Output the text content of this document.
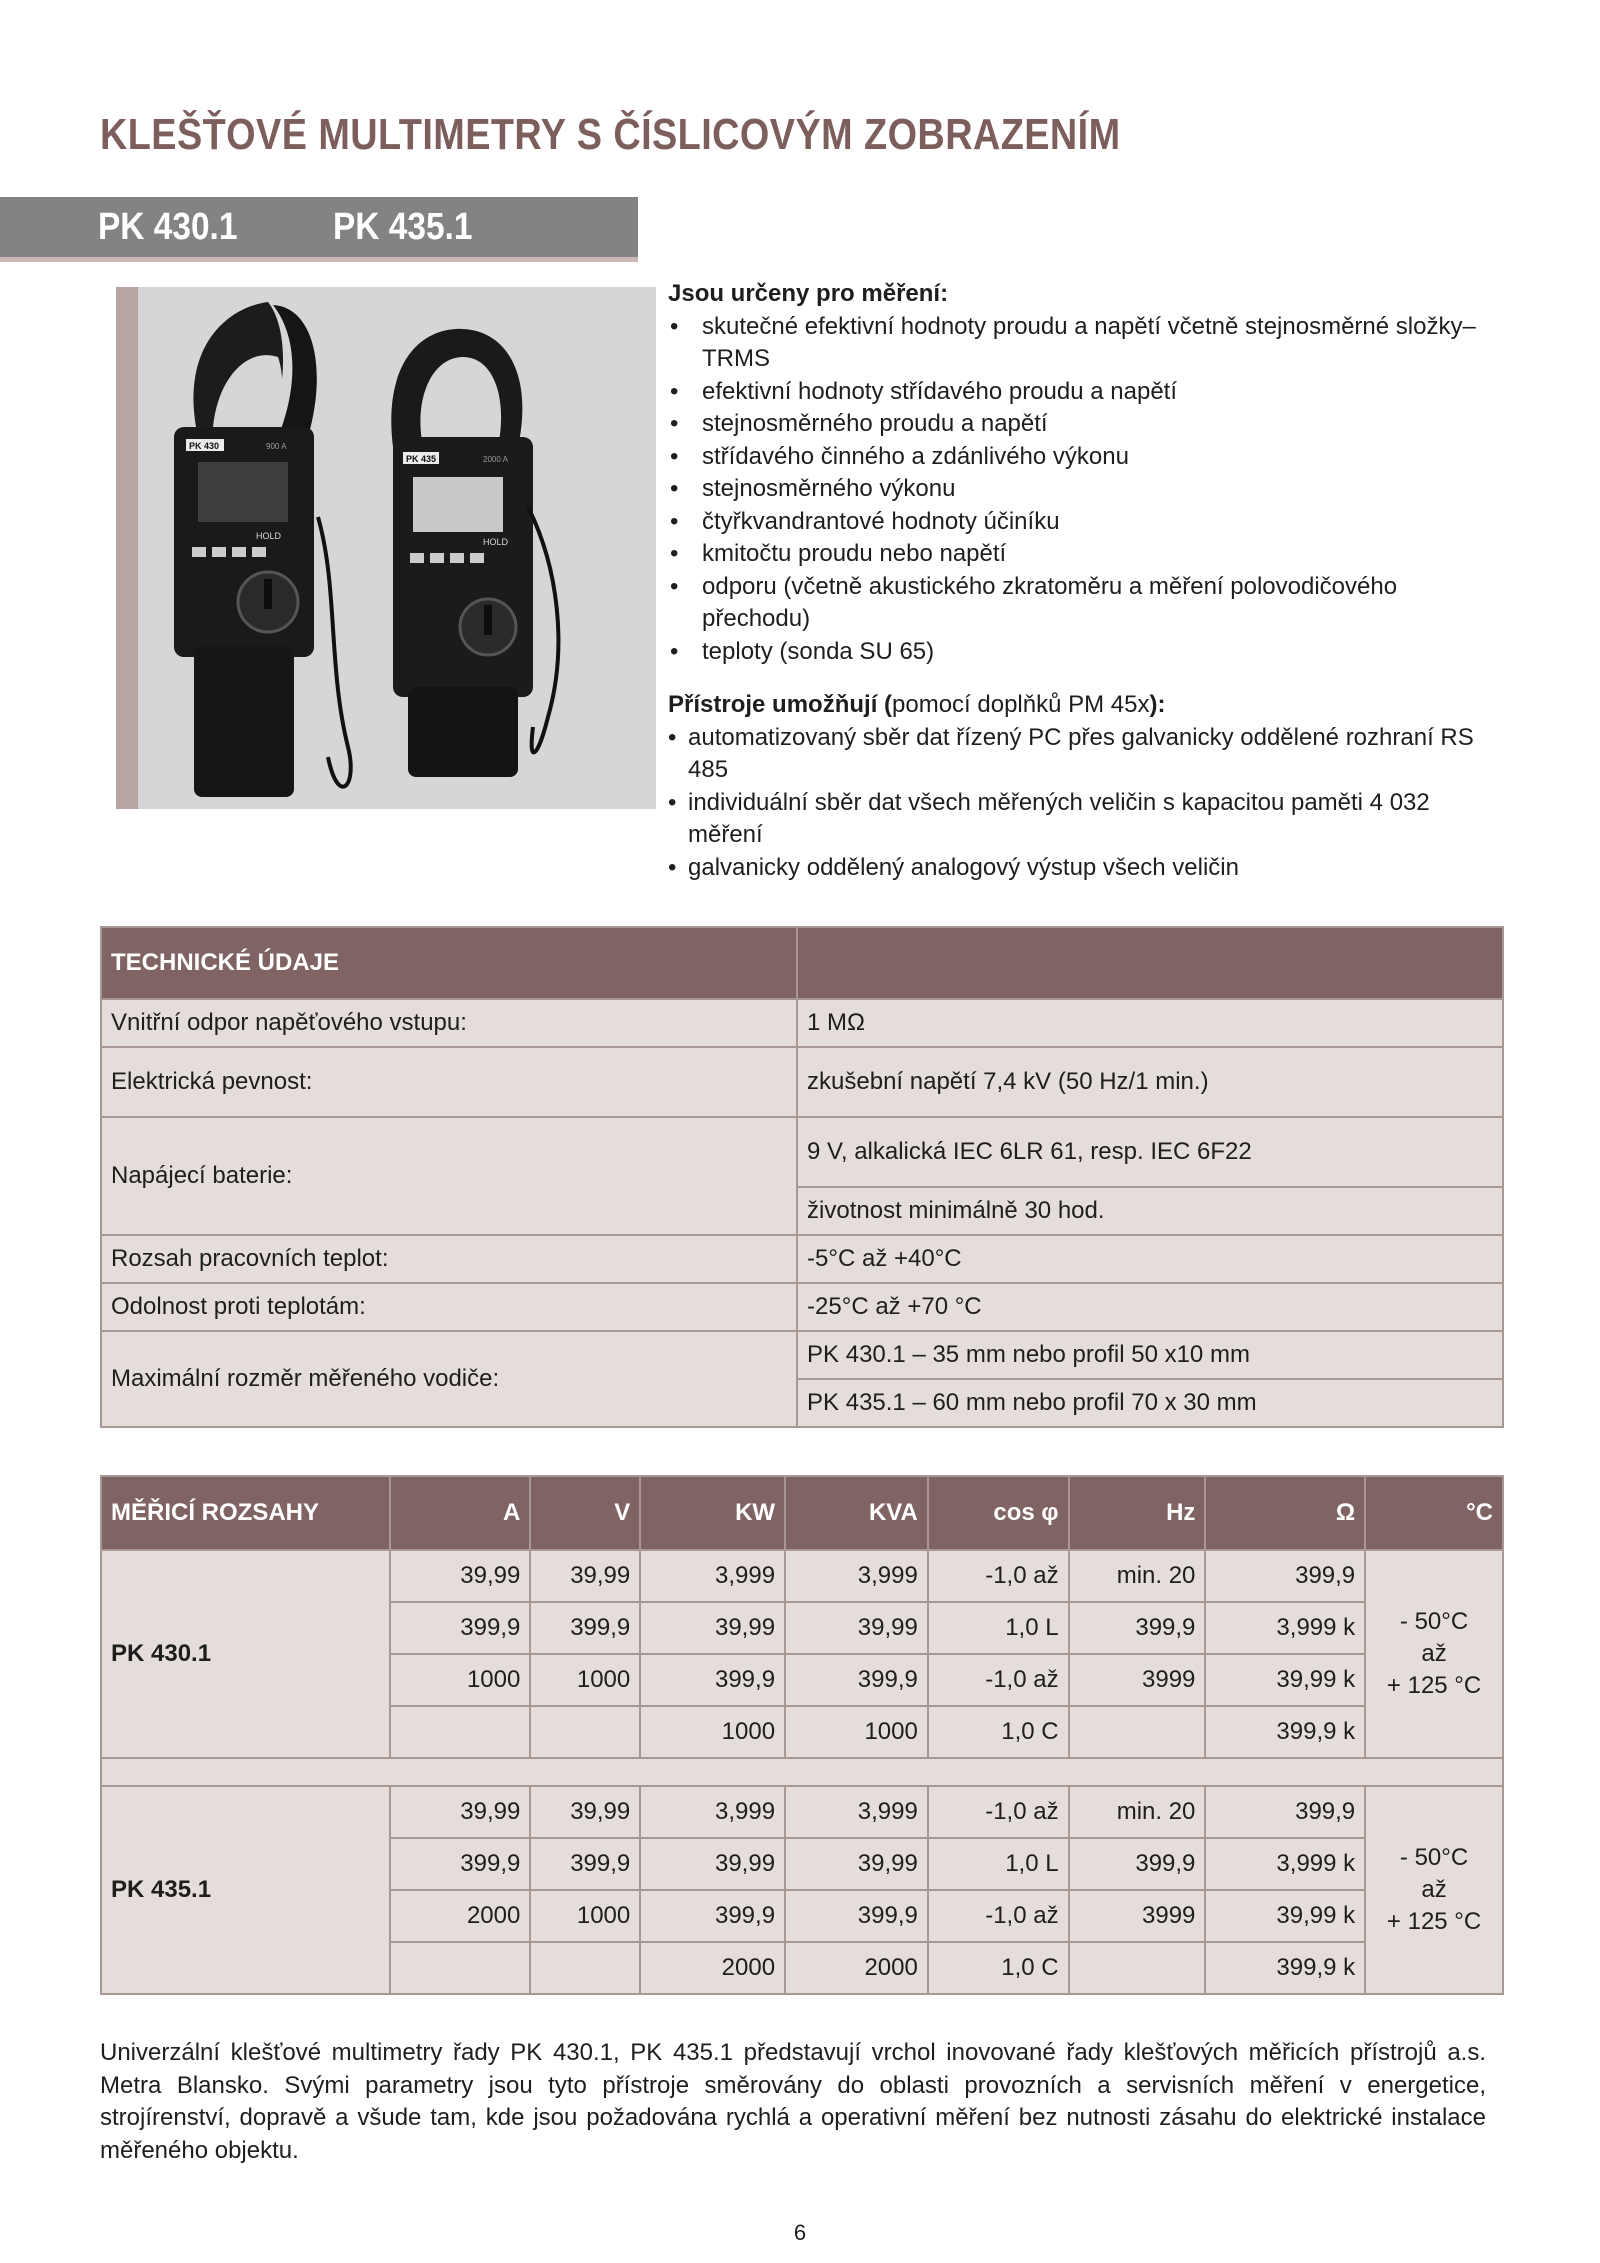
KLEŠŤOVÉ MULTIMETRY S ČÍSLICOVÝM ZOBRAZENÍM
PK 430.1	PK 435.1
PK 430	900 A
HOLD
PK 435	2000 A
HOLD
Jsou určeny pro měření:
• skutečné efektivní hodnoty proudu a napětí včetně stejnosměrné složky–TRMS
• efektivní hodnoty střídavého proudu a napětí
• stejnosměrného proudu a napětí
• střídavého činného a zdánlivého výkonu
• stejnosměrného výkonu
• čtyřkvandrantové hodnoty účiníku
• kmitočtu proudu nebo napětí
• odporu (včetně akustického zkratoměru a měření polovodičového přechodu)
• teploty (sonda SU 65)
Přístroje umožňují (pomocí doplňků PM 45x):
• automatizovaný sběr dat řízený PC přes galvanicky oddělené rozhraní RS 485
• individuální sběr dat všech měřených veličin s kapacitou paměti 4 032 měření
• galvanicky oddělený analogový výstup všech veličin
TECHNICKÉ ÚDAJE	
Vnitřní odpor napěťového vstupu:	1 MΩ
Elektrická pevnost:	zkušební napětí 7,4 kV (50 Hz/1 min.)
Napájecí baterie:	9 V, alkalická IEC 6LR 61, resp. IEC 6F22
	životnost minimálně 30 hod.
Rozsah pracovních teplot:	-5°C až +40°C
Odolnost proti teplotám:	-25°C až +70 °C
Maximální rozměr měřeného vodiče:	PK 430.1 – 35 mm nebo profil 50 x10 mm
	PK 435.1 – 60 mm nebo profil 70 x 30 mm
MĚŘICÍ ROZSAHY	A	V	KW	KVA	cos φ	Hz	Ω	°C
PK 430.1	39,99	39,99	3,999	3,999	-1,0 až	min. 20	399,9	- 50°C
až
+ 125 °C

	399,9	399,9	39,99	39,99	1,0 L	399,9	3,999 k	
	1000	1000	399,9	399,9	-1,0 až	3999	39,99 k	
			1000	1000	1,0 C		399,9 k	

PK 435.1	39,99	39,99	3,999	3,999	-1,0 až	min. 20	399,9	- 50°C
až
+ 125 °C

	399,9	399,9	39,99	39,99	1,0 L	399,9	3,999 k	
	2000	1000	399,9	399,9	-1,0 až	3999	39,99 k	
			2000	2000	1,0 C		399,9 k	
Univerzální klešťové multimetry řady PK 430.1, PK 435.1 představují vrchol inovované řady klešťových měřicích přístrojů a.s. Metra Blansko. Svými parametry jsou tyto přístroje směrovány do oblasti provozních a servisních měření v energetice, strojírenství, dopravě a všude tam, kde jsou požadována rychlá a operativní měření bez nutnosti zásahu do elektrické instalace měřeného objektu.
6
